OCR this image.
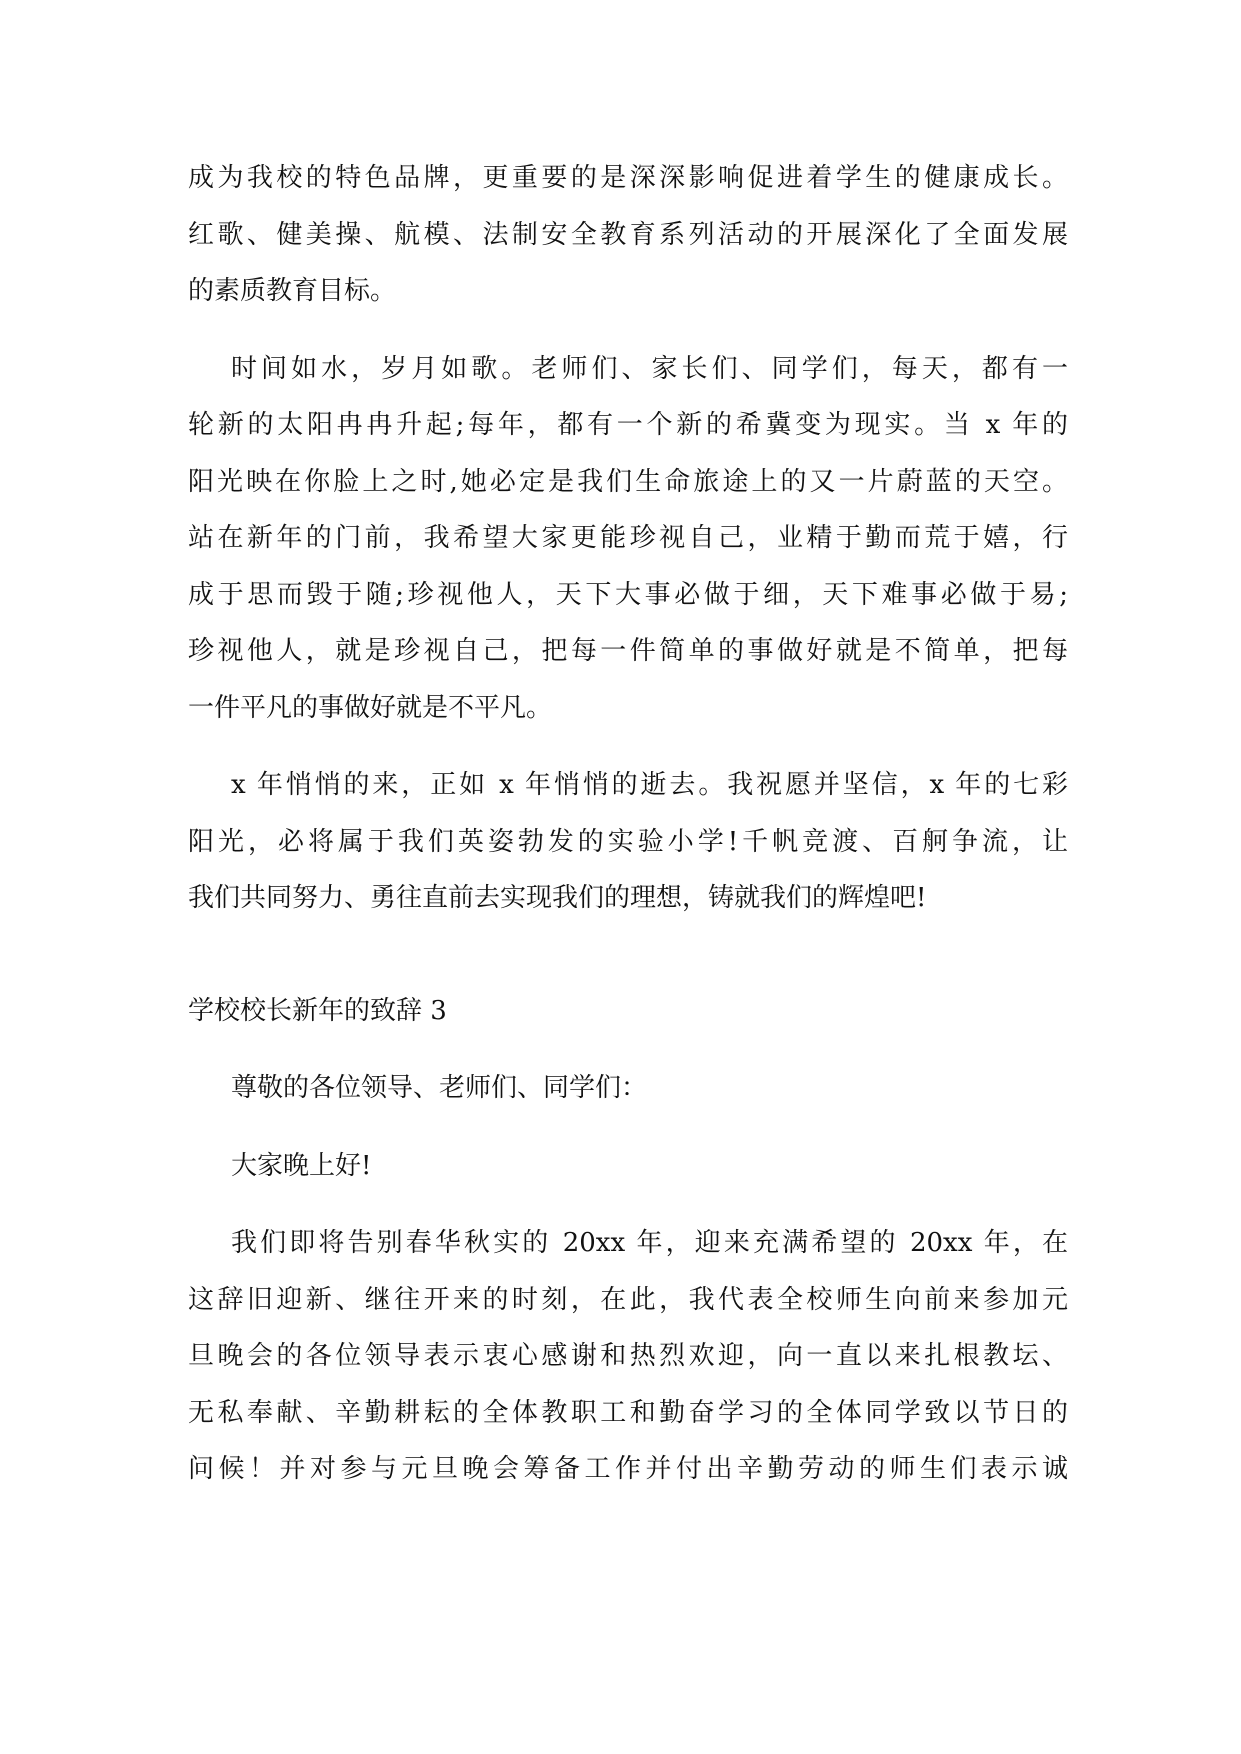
成为我校的特色品牌，更重要的是深深影响促进着学生的健康成长。
红歌、健美操、航模、法制安全教育系列活动的开展深化了全面发展
的素质教育目标。
时间如水，岁月如歌。老师们、家长们、同学们，每天，都有一
轮新的太阳冉冉升起;每年，都有一个新的希冀变为现实。当 x 年的
阳光映在你脸上之时,她必定是我们生命旅途上的又一片蔚蓝的天空。
站在新年的门前，我希望大家更能珍视自己，业精于勤而荒于嬉，行
成于思而毁于随;珍视他人，天下大事必做于细，天下难事必做于易;
珍视他人，就是珍视自己，把每一件简单的事做好就是不简单，把每
一件平凡的事做好就是不平凡。
x 年悄悄的来，正如 x 年悄悄的逝去。我祝愿并坚信，x 年的七彩
阳光，必将属于我们英姿勃发的实验小学!千帆竞渡、百舸争流，让
我们共同努力、勇往直前去实现我们的理想，铸就我们的辉煌吧!
学校校长新年的致辞 3
尊敬的各位领导、老师们、同学们：
大家晚上好!
我们即将告别春华秋实的 20xx 年，迎来充满希望的 20xx 年，在
这辞旧迎新、继往开来的时刻，在此，我代表全校师生向前来参加元
旦晚会的各位领导表示衷心感谢和热烈欢迎，向一直以来扎根教坛、
无私奉献、辛勤耕耘的全体教职工和勤奋学习的全体同学致以节日的
问候！并对参与元旦晚会筹备工作并付出辛勤劳动的师生们表示诚
